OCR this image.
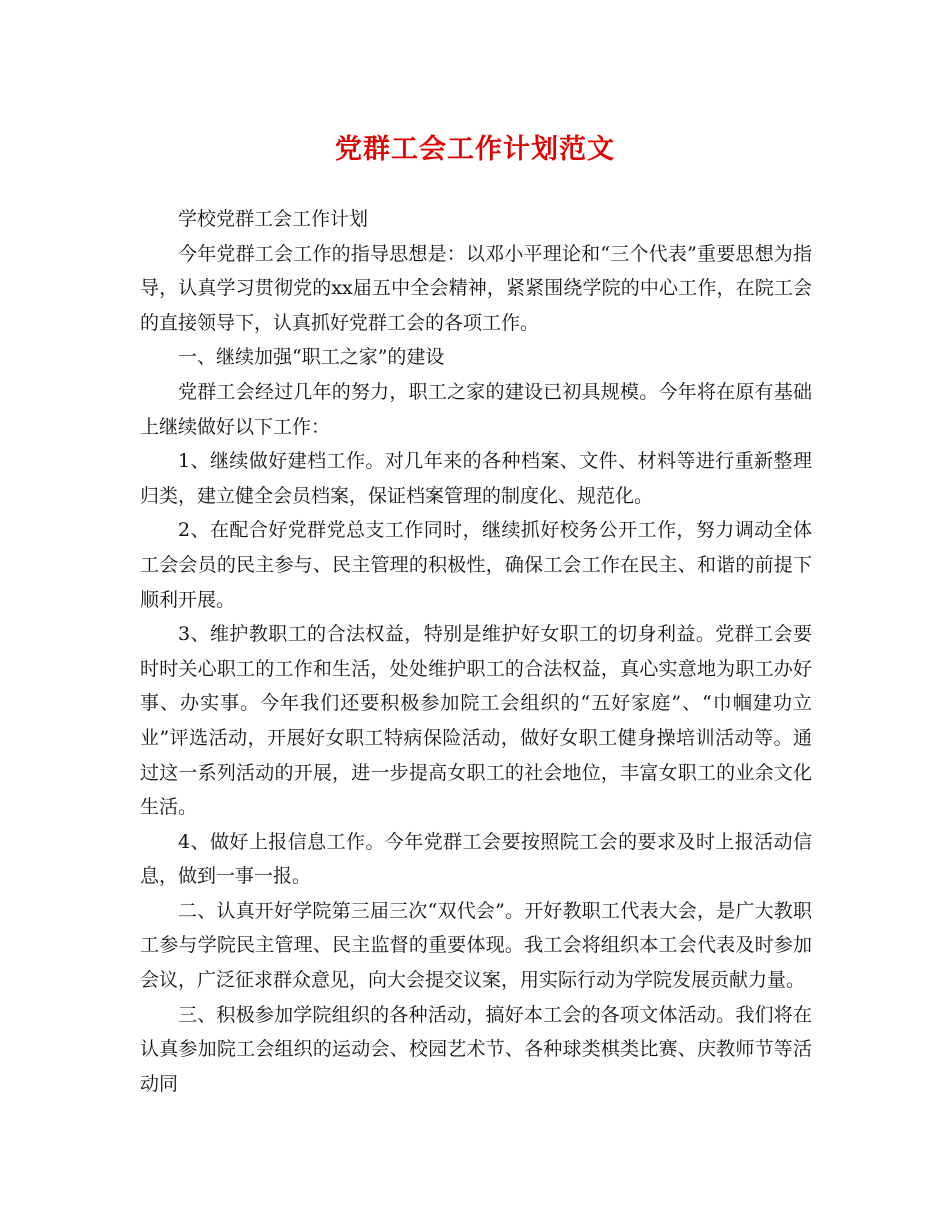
党群工会工作计划范文

学校党群工会工作计划

今年党群工会工作的指导思想是：以邓小平理论和“三个代表”重要思想为指导，认真学习贯彻党的xx届五中全会精神，紧紧围绕学院的中心工作，在院工会的直接领导下，认真抓好党群工会的各项工作。

一、继续加强“职工之家”的建设

党群工会经过几年的努力，职工之家的建设已初具规模。今年将在原有基础上继续做好以下工作：

1、继续做好建档工作。对几年来的各种档案、文件、材料等进行重新整理归类，建立健全会员档案，保证档案管理的制度化、规范化。

2、在配合好党群党总支工作同时，继续抓好校务公开工作，努力调动全体工会会员的民主参与、民主管理的积极性，确保工会工作在民主、和谐的前提下顺利开展。

3、维护教职工的合法权益，特别是维护好女职工的切身利益。党群工会要时时关心职工的工作和生活，处处维护职工的合法权益，真心实意地为职工办好事、办实事。今年我们还要积极参加院工会组织的“五好家庭”、“巾帼建功立业”评选活动，开展好女职工特病保险活动，做好女职工健身操培训活动等。通过这一系列活动的开展，进一步提高女职工的社会地位，丰富女职工的业余文化生活。

4、做好上报信息工作。今年党群工会要按照院工会的要求及时上报活动信息，做到一事一报。

二、认真开好学院第三届三次“双代会”。开好教职工代表大会，是广大教职工参与学院民主管理、民主监督的重要体现。我工会将组织本工会代表及时参加会议，广泛征求群众意见，向大会提交议案，用实际行动为学院发展贡献力量。

三、积极参加学院组织的各种活动，搞好本工会的各项文体活动。我们将在认真参加院工会组织的运动会、校园艺术节、各种球类棋类比赛、庆教师节等活动同
